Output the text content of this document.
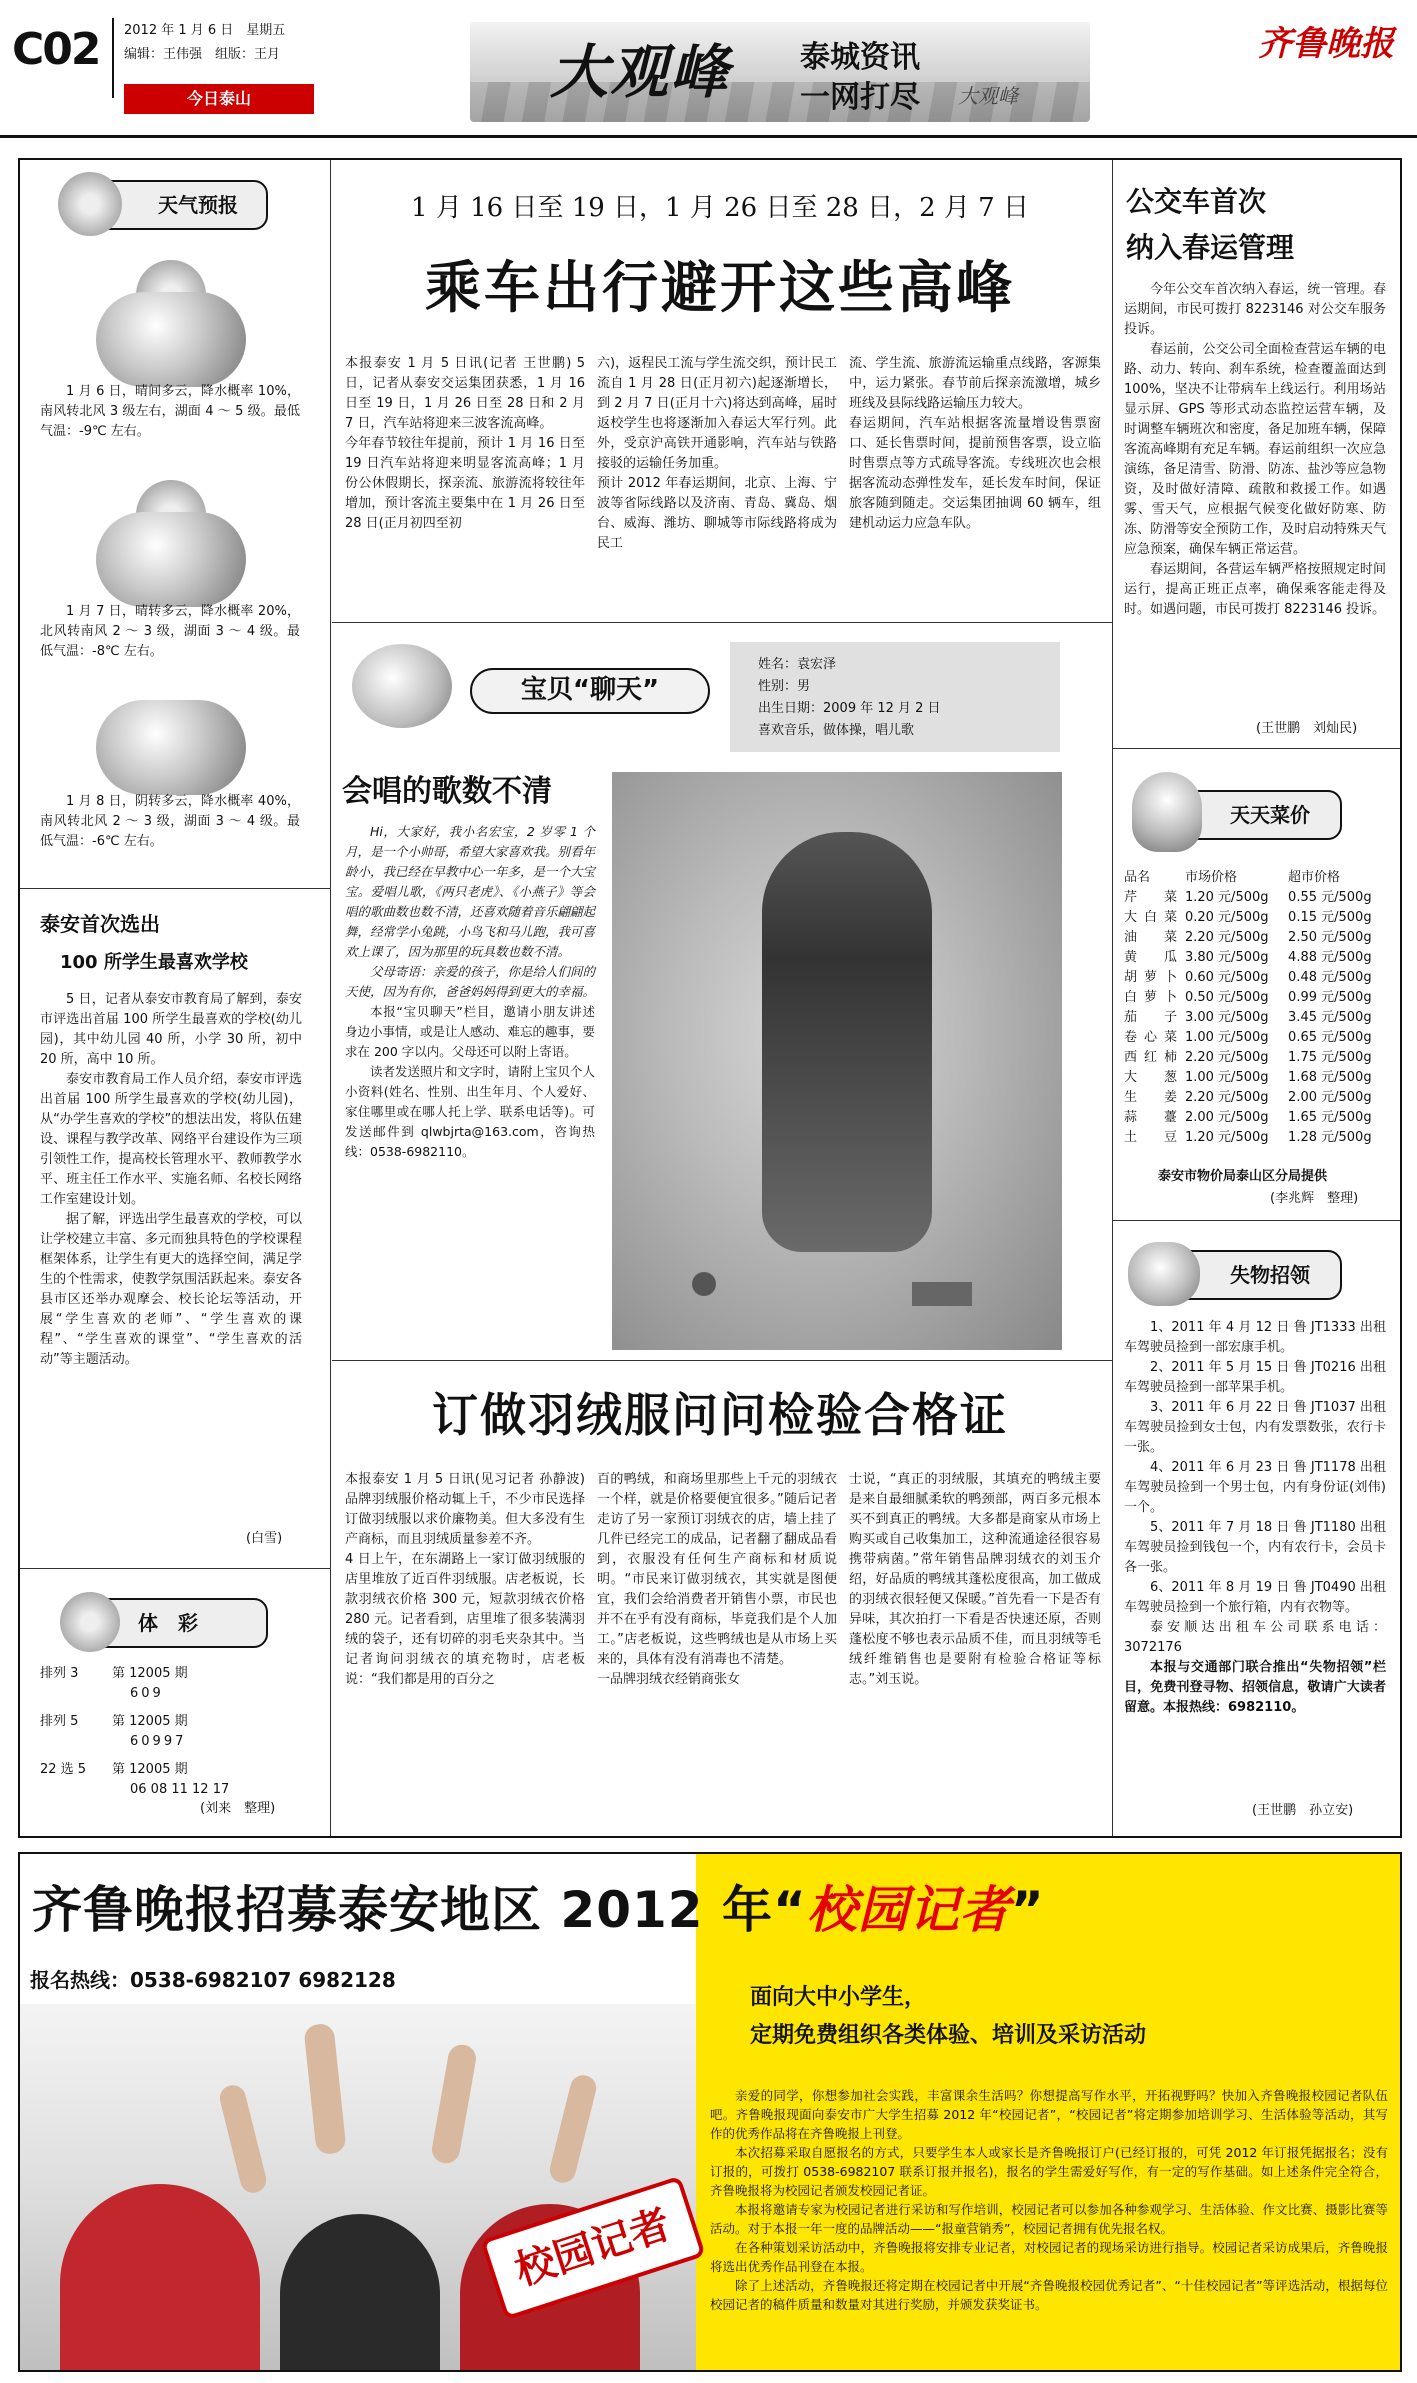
C02 2012 年 1 月 6 日　星期五
编辑：王伟强　组版：王月
今日泰山	大观峰 泰城资讯
一网打尽 大观峰
齐鲁晚报
天气预报
1 月 6 日，晴间多云，降水概率 10%，南风转北风 3 级左右，湖面 4 ～ 5 级。最低气温：-9℃ 左右。
1 月 7 日，晴转多云，降水概率 20%，北风转南风 2 ～ 3 级，湖面 3 ～ 4 级。最低气温：-8℃ 左右。
1 月 8 日，阴转多云，降水概率 40%，南风转北风 2 ～ 3 级，湖面 3 ～ 4 级。最低气温：-6℃ 左右。
泰安首次选出
100 所学生最喜欢学校

5 日，记者从泰安市教育局了解到，泰安市评选出首届 100 所学生最喜欢的学校(幼儿园)，其中幼儿园 40 所，小学 30 所，初中 20 所，高中 10 所。

泰安市教育局工作人员介绍，泰安市评选出首届 100 所学生最喜欢的学校(幼儿园)，从“办学生喜欢的学校”的想法出发，将队伍建设、课程与教学改革、网络平台建设作为三项引领性工作，提高校长管理水平、教师教学水平、班主任工作水平、实施名师、名校长网络工作室建设计划。

据了解，评选出学生最喜欢的学校，可以让学校建立丰富、多元而独具特色的学校课程框架体系，让学生有更大的选择空间，满足学生的个性需求，使教学氛围活跃起来。泰安各县市区还举办观摩会、校长论坛等活动，开展“学生喜欢的老师”、“学生喜欢的课程”、“学生喜欢的课堂”、“学生喜欢的活动”等主题活动。

(白雪)
体　彩
排列 3	第 12005 期
609
排列 5	第 12005 期
60997
22 选 5	第 12005 期
06 08 11 12 17
(刘来　整理)
1 月 16 日至 19 日，1 月 26 日至 28 日，2 月 7 日
乘车出行避开这些高峰
本报泰安 1 月 5 日讯(记者 王世鹏) 5 日，记者从泰安交运集团获悉，1 月 16 日至 19 日，1 月 26 日至 28 日和 2 月 7 日，汽车站将迎来三波客流高峰。
今年春节较往年提前，预计 1 月 16 日至 19 日汽车站将迎来明显客流高峰；1 月份公休假期长，探亲流、旅游流将较往年增加，预计客流主要集中在 1 月 26 日至 28 日(正月初四至初
六)，返程民工流与学生流交织，预计民工流自 1 月 28 日(正月初六)起逐渐增长，到 2 月 7 日(正月十六)将达到高峰，届时返校学生也将逐渐加入春运大军行列。此外，受京沪高铁开通影响，汽车站与铁路接驳的运输任务加重。
预计 2012 年春运期间，北京、上海、宁波等省际线路以及济南、青岛、冀岛、烟台、威海、潍坊、聊城等市际线路将成为民工
流、学生流、旅游流运输重点线路，客源集中，运力紧张。春节前后探亲流激增，城乡班线及县际线路运输压力较大。
春运期间，汽车站根据客流量增设售票窗口、延长售票时间，提前预售客票，设立临时售票点等方式疏导客流。专线班次也会根据客流动态弹性发车，延长发车时间，保证旅客随到随走。交运集团抽调 60 辆车，组建机动运力应急车队。
宝贝“聊天”
姓名：袁宏泽
性别：男
出生日期：2009 年 12 月 2 日
喜欢音乐，做体操，唱儿歌
会唱的歌数不清

Hi，大家好，我小名宏宝，2 岁零 1 个月，是一个小帅哥，希望大家喜欢我。别看年龄小，我已经在早教中心一年多，是一个大宝宝。爱唱儿歌，《两只老虎》、《小燕子》等会唱的歌曲数也数不清，还喜欢随着音乐翩翩起舞，经常学小兔跳，小鸟飞和马儿跑，我可喜欢上课了，因为那里的玩具数也数不清。

父母寄语：亲爱的孩子，你是给人们间的天使，因为有你，爸爸妈妈得到更大的幸福。

本报“宝贝聊天”栏目，邀请小朋友讲述身边小事情，或是让人感动、难忘的趣事，要求在 200 字以内。父母还可以附上寄语。

读者发送照片和文字时，请附上宝贝个人小资料(姓名、性别、出生年月、个人爱好、家住哪里或在哪人托上学、联系电话等)。可发送邮件到 qlwbjrta@163.com，咨询热线：0538-6982110。

订做羽绒服问问检验合格证
本报泰安 1 月 5 日讯(见习记者 孙静波) 品牌羽绒服价格动辄上千，不少市民选择订做羽绒服以求价廉物美。但大多没有生产商标，而且羽绒质量参差不齐。
4 日上午，在东湖路上一家订做羽绒服的店里堆放了近百件羽绒服。店老板说，长款羽绒衣价格 300 元，短款羽绒衣价格 280 元。记者看到，店里堆了很多装满羽绒的袋子，还有切碎的羽毛夹杂其中。当记者询问羽绒衣的填充物时，店老板说：“我们都是用的百分之
百的鸭绒，和商场里那些上千元的羽绒衣一个样，就是价格要便宜很多。”随后记者走访了另一家预订羽绒衣的店，墙上挂了几件已经完工的成品，记者翻了翻成品看到，衣服没有任何生产商标和材质说明。“市民来订做羽绒衣，其实就是图便宜，我们会给消费者开销售小票，市民也并不在乎有没有商标，毕竟我们是个人加工。”店老板说，这些鸭绒也是从市场上买来的，具体有没有消毒也不清楚。
一品牌羽绒衣经销商张女
士说，“真正的羽绒服，其填充的鸭绒主要是来自最细腻柔软的鸭颈部，两百多元根本买不到真正的鸭绒。大多都是商家从市场上购买或自己收集加工，这种流通途径很容易携带病菌。”常年销售品牌羽绒衣的刘玉介绍，好品质的鸭绒其蓬松度很高，加工做成的羽绒衣很轻便又保暖。”首先看一下是否有异味，其次拍打一下看是否快速还原，否则蓬松度不够也表示品质不佳，而且羽绒等毛绒纤维销售也是要附有检验合格证等标志。”刘玉说。
公交车首次
纳入春运管理

今年公交车首次纳入春运，统一管理。春运期间，市民可拨打 8223146 对公交车服务投诉。

春运前，公交公司全面检查营运车辆的电路、动力、转向、刹车系统，检查覆盖面达到 100%，坚决不让带病车上线运行。利用场站显示屏、GPS 等形式动态监控运营车辆，及时调整车辆班次和密度，备足加班车辆，保障客流高峰期有充足车辆。春运前组织一次应急演练，备足清雪、防滑、防冻、盐沙等应急物资，及时做好清障、疏散和救援工作。如遇雾、雪天气，应根据气候变化做好防寒、防冻、防滑等安全预防工作，及时启动特殊天气应急预案，确保车辆正常运营。

春运期间，各营运车辆严格按照规定时间运行，提高正班正点率，确保乘客能走得及时。如遇问题，市民可拨打 8223146 投诉。

(王世鹏　刘灿民)
天天菜价
品名	市场价格	超市价格
芹菜 1.20 元/500g	0.55 元/500g
大白菜 0.20 元/500g	0.15 元/500g
油菜 2.20 元/500g	2.50 元/500g
黄瓜 3.80 元/500g	4.88 元/500g
胡萝卜 0.60 元/500g	0.48 元/500g
白萝卜 0.50 元/500g	0.99 元/500g
茄子 3.00 元/500g	3.45 元/500g
卷心菜 1.00 元/500g	0.65 元/500g
西红柿 2.20 元/500g	1.75 元/500g
大葱 1.00 元/500g	1.68 元/500g
生姜 2.20 元/500g	2.00 元/500g
蒜薹 2.00 元/500g	1.65 元/500g
土豆 1.20 元/500g	1.28 元/500g
泰安市物价局泰山区分局提供
(李兆辉　整理)
失物招领

1、2011 年 4 月 12 日 鲁 JT1333 出租车驾驶员捡到一部宏康手机。

2、2011 年 5 月 15 日 鲁 JT0216 出租车驾驶员捡到一部苹果手机。

3、2011 年 6 月 22 日 鲁 JT1037 出租车驾驶员捡到女士包，内有发票数张，农行卡一张。

4、2011 年 6 月 23 日 鲁 JT1178 出租车驾驶员捡到一个男士包，内有身份证(刘伟)一个。

5、2011 年 7 月 18 日 鲁 JT1180 出租车驾驶员捡到钱包一个，内有农行卡，会员卡各一张。

6、2011 年 8 月 19 日 鲁 JT0490 出租车驾驶员捡到一个旅行箱，内有衣物等。

泰安顺达出租车公司联系电话：3072176

本报与交通部门联合推出“失物招领”栏目，免费刊登寻物、招领信息，敬请广大读者留意。本报热线：6982110。

(王世鹏　孙立安)
齐鲁晚报招募泰安地区 2012 年“校园记者”
报名热线：0538-6982107 6982128
校园记者
面向大中小学生，
定期免费组织各类体验、培训及采访活动

亲爱的同学，你想参加社会实践，丰富课余生活吗？你想提高写作水平，开拓视野吗？快加入齐鲁晚报校园记者队伍吧。齐鲁晚报现面向泰安市广大学生招募 2012 年“校园记者”，“校园记者”将定期参加培训学习、生活体验等活动，其写作的优秀作品将在齐鲁晚报上刊登。

本次招募采取自愿报名的方式，只要学生本人或家长是齐鲁晚报订户(已经订报的，可凭 2012 年订报凭据报名；没有订报的，可拨打 0538-6982107 联系订报并报名)，报名的学生需爱好写作，有一定的写作基础。如上述条件完全符合，齐鲁晚报将为校园记者颁发校园记者证。

本报将邀请专家为校园记者进行采访和写作培训，校园记者可以参加各种参观学习、生活体验、作文比赛、摄影比赛等活动。对于本报一年一度的品牌活动——“报童营销秀”，校园记者拥有优先报名权。

在各种策划采访活动中，齐鲁晚报将安排专业记者，对校园记者的现场采访进行指导。校园记者采访成果后，齐鲁晚报将选出优秀作品刊登在本报。

除了上述活动，齐鲁晚报还将定期在校园记者中开展“齐鲁晚报校园优秀记者”、“十佳校园记者”等评选活动，根据每位校园记者的稿件质量和数量对其进行奖励，并颁发获奖证书。
